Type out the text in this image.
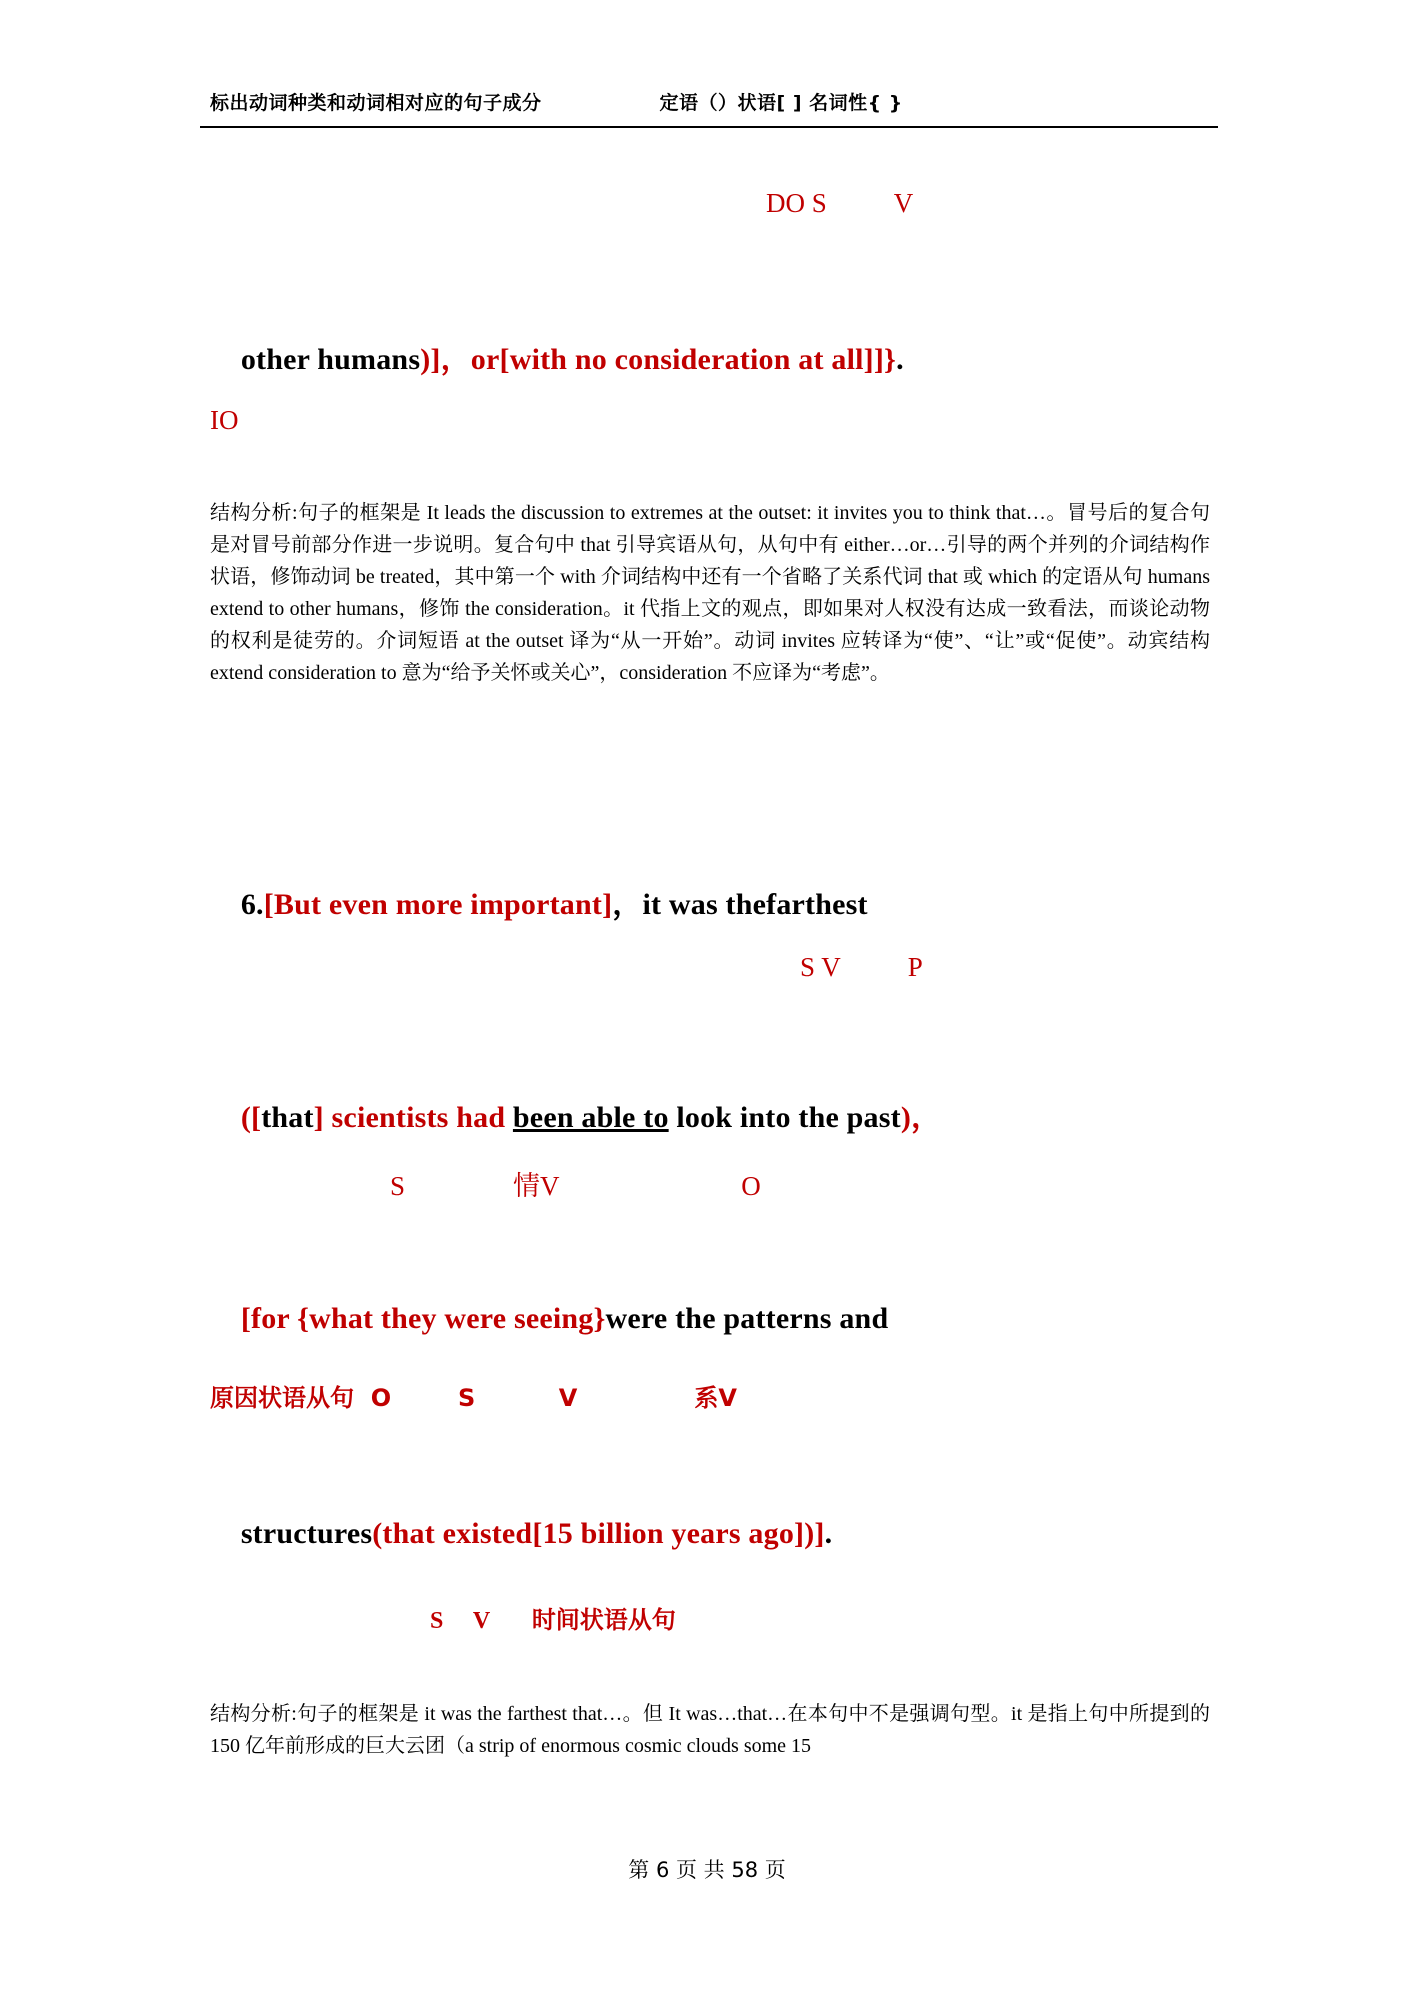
标出动词种类和动词相对应的句子成分	定语（）状语[ ] 名词性{ }
DO S          V

other humans)]，or[with no consideration at all]]}.

IO
结构分析:句子的框架是 It leads the discussion to extremes at the outset: it invites you to think that…。冒号后的复合句是对冒号前部分作进一步说明。复合句中 that 引导宾语从句，从句中有 either…or…引导的两个并列的介词结构作状语，修饰动词 be treated，其中第一个 with 介词结构中还有一个省略了关系代词 that 或 which 的定语从句 humans extend to other humans，修饰 the consideration。it 代指上文的观点，即如果对人权没有达成一致看法，而谈论动物的权利是徒劳的。介词短语 at the outset 译为“从一开始”。动词 invites 应转译为“使”、“让”或“促使”。动宾结构 extend consideration to 意为“给予关怀或关心”，consideration 不应译为“考虑”。

6.[But even more important]，it was thefarthest

S V          P

([that] scientists had been able to look into the past)，

S                情V                           O

[for {what they were seeing}were the patterns and

原因状语从句  O        S          V              系V

structures(that existed[15 billion years ago])].

S     V       时间状语从句
结构分析:句子的框架是 it was the farthest that…。但 It was…that…在本句中不是强调句型。it 是指上句中所提到的 150 亿年前形成的巨大云团（a strip of enormous cosmic clouds some 15
第 6 页 共 58 页
